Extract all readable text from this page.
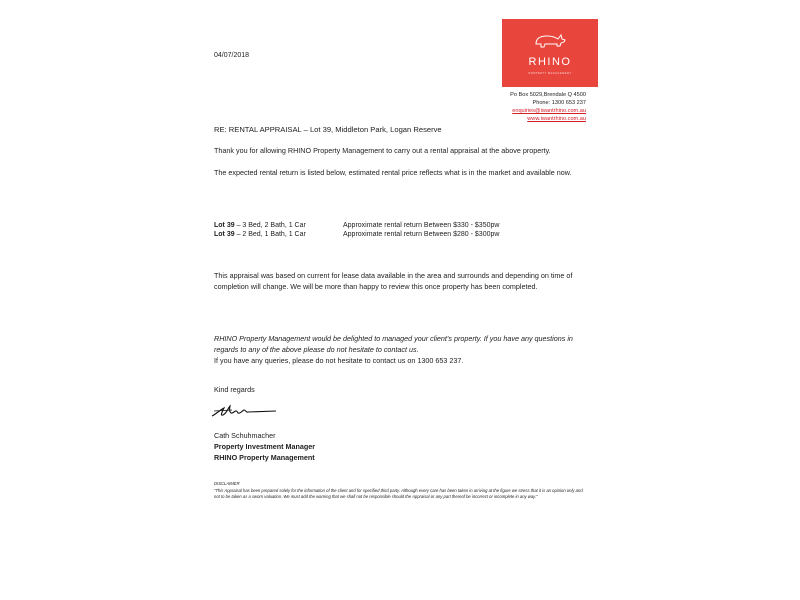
04/07/2018
RHINO
PROPERTY MANAGEMENT
Po Box 5029,Brendale Q 4500
Phone: 1300 653 237
enquiries@iwantrhino.com.au
www.iwantrhino.com.au
RE: RENTAL APPRAISAL – Lot 39, Middleton Park, Logan Reserve
Thank you for allowing RHINO Property Management to carry out a rental appraisal at the above property.
The expected rental return is listed below, estimated rental price reflects what is in the market and available now.
Lot 39 – 3 Bed, 2 Bath, 1 Car	Approximate rental return Between $330 - $350pw
Lot 39 – 2 Bed, 1 Bath, 1 Car	Approximate rental return Between $280 - $300pw
This appraisal was based on current for lease data available in the area and surrounds and depending on time of completion will change. We will be more than happy to review this once property has been completed.
RHINO Property Management would be delighted to managed your client’s property. If you have any questions in regards to any of the above please do not hesitate to contact us.
If you have any queries, please do not hesitate to contact us on 1300 653 237.
Kind regards
Cath Schuhmacher
Property Investment Manager
RHINO Property Management
DISCLAIMER
"This Appraisal has been prepared solely for the information of the client and for specified third party. Although every care has been taken in arriving at the figure we stress that it is an opinion only and not to be taken as a sworn valuation. We must add the warning that we shall not be responsible should the Appraisal or any part thereof be incorrect or incomplete in any way."
